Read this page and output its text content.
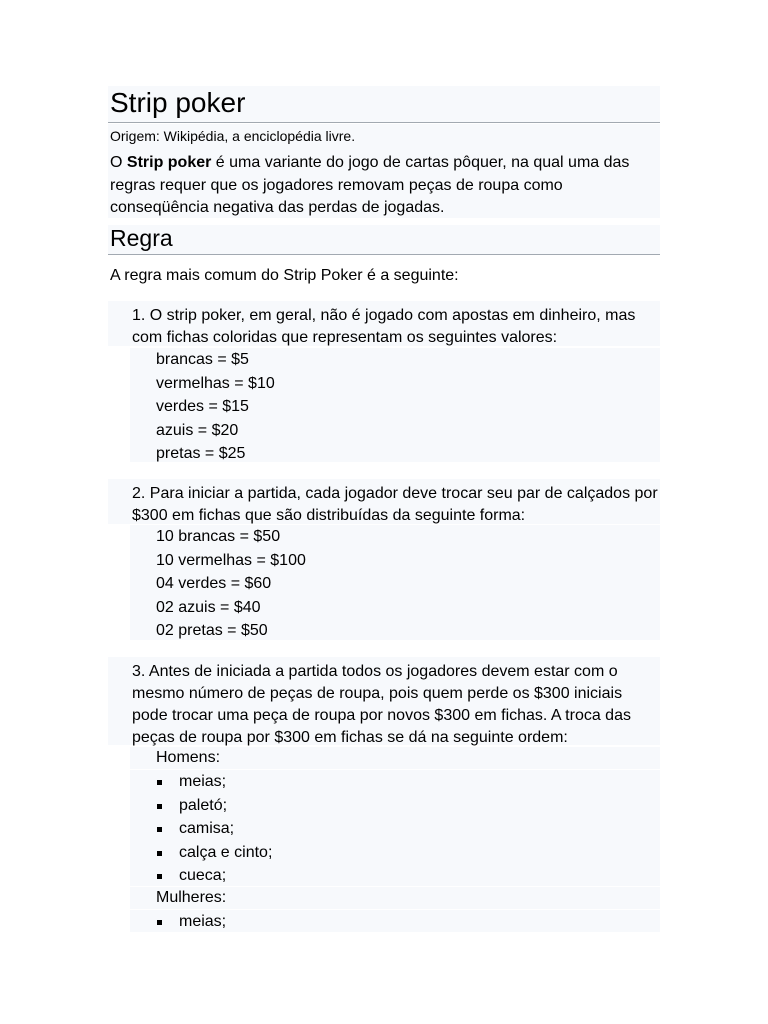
Strip poker
Origem: Wikipédia, a enciclopédia livre.
O Strip poker é uma variante do jogo de cartas pôquer, na qual uma das regras requer que os jogadores removam peças de roupa como conseqüência negativa das perdas de jogadas.
Regra
A regra mais comum do Strip Poker é a seguinte:
1. O strip poker, em geral, não é jogado com apostas em dinheiro, mas com fichas coloridas que representam os seguintes valores:
brancas = $5
vermelhas = $10
verdes = $15
azuis = $20
pretas = $25
2. Para iniciar a partida, cada jogador deve trocar seu par de calçados por $300 em fichas que são distribuídas da seguinte forma:
10 brancas = $50
10 vermelhas = $100
04 verdes = $60
02 azuis = $40
02 pretas = $50
3. Antes de iniciada a partida todos os jogadores devem estar com o mesmo número de peças de roupa, pois quem perde os $300 iniciais pode trocar uma peça de roupa por novos $300 em fichas. A troca das peças de roupa por $300 em fichas se dá na seguinte ordem:
Homens:
meias;
paletó;
camisa;
calça e cinto;
cueca;
Mulheres:
meias;
